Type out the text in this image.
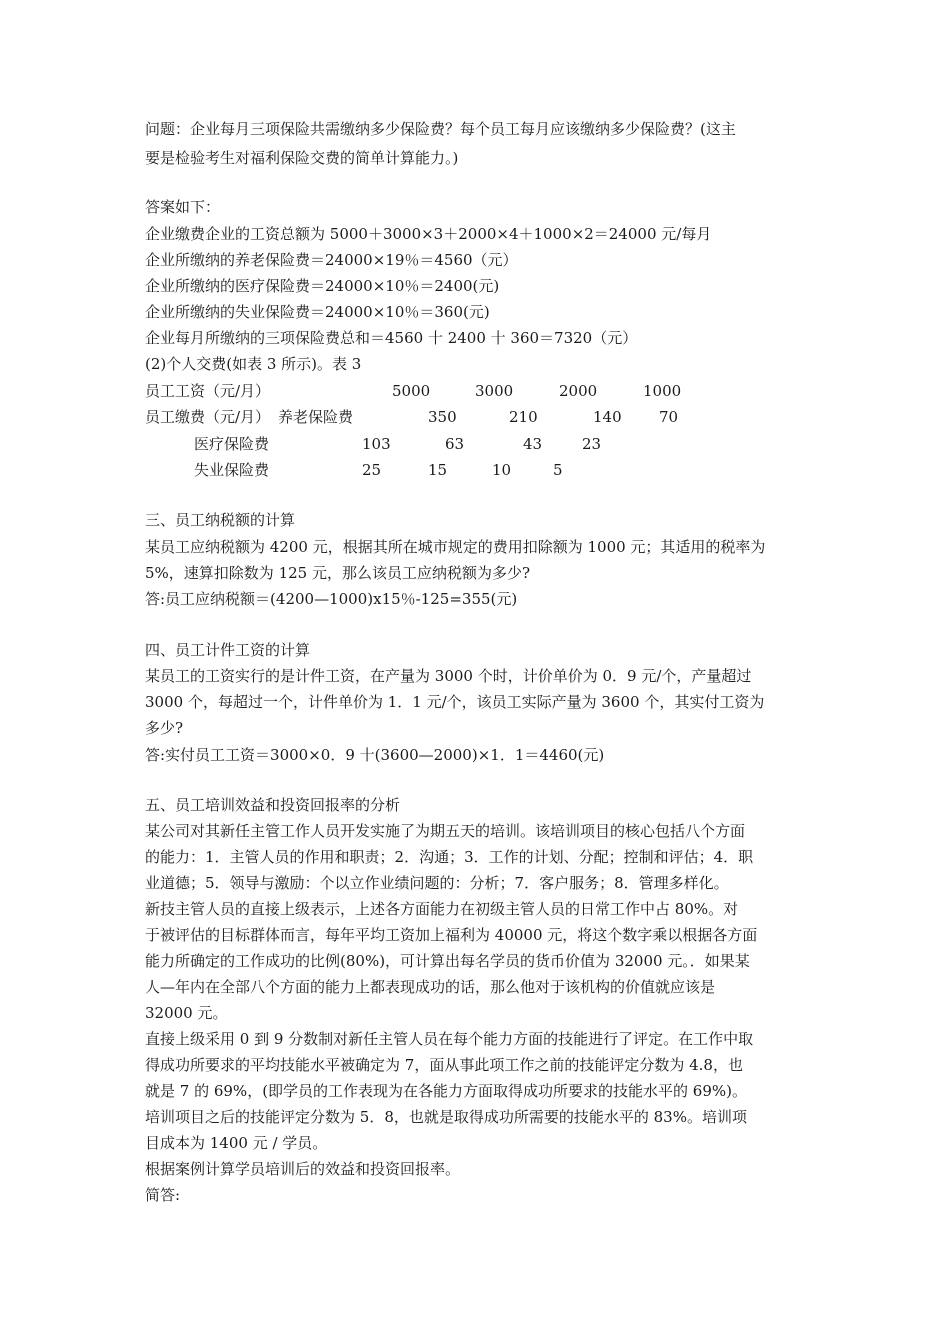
问题：企业每月三项保险共需缴纳多少保险费？每个员工每月应该缴纳多少保险费？(这主
要是检验考生对福利保险交费的简单计算能力。)
答案如下：
企业缴费企业的工资总额为 5000＋3000×3＋2000×4＋1000×2＝24000 元/每月
企业所缴纳的养老保险费＝24000×19％＝4560（元）
企业所缴纳的医疗保险费＝24000×10％＝2400(元)
企业所缴纳的失业保险费＝24000×10％＝360(元)
企业每月所缴纳的三项保险费总和＝4560 十 2400 十 360＝7320（元）
(2)个人交费(如表 3 所示)。表 3
员工工资（元/月）	5000	3000	2000	1000
员工缴费（元/月） 养老保险费	350	210	140 70
医疗保险费	103	63	43	23
失业保险费	25	15	10	5
三、员工纳税额的计算
某员工应纳税额为 4200 元，根据其所在城市规定的费用扣除额为 1000 元；其适用的税率为
5%，速算扣除数为 125 元，那么该员工应纳税额为多少?
答:员工应纳税额＝(4200—1000)x15％-125=355(元)
四、员工计件工资的计算
某员工的工资实行的是计件工资，在产量为 3000 个时，计价单价为 0．9 元/个，产量超过
3000 个，每超过一个，计件单价为 1．1 元/个，该员工实际产量为 3600 个，其实付工资为
多少?
答:实付员工工资＝3000×0．9 十(3600—2000)×1．1＝4460(元)
五、员工培训效益和投资回报率的分析
某公司对其新任主管工作人员开发实施了为期五天的培训。该培训项目的核心包括八个方面
的能力：1．主管人员的作用和职责；2．沟通；3．工作的计划、分配；控制和评估；4．职
业道德；5．领导与激励：个以立作业绩问题的：分析；7．客户服务；8．管理多样化。
新技主管人员的直接上级表示，上述各方面能力在初级主管人员的日常工作中占 80%。对
于被评估的目标群体而言，每年平均工资加上福利为 40000 元，将这个数字乘以根据各方面
能力所确定的工作成功的比例(80%)，可计算出每名学员的货币价值为 32000 元。．如果某
人—年内在全部八个方面的能力上都表现成功的话，那么他对于该机构的价值就应该是
32000 元。
直接上级采用 0 到 9 分数制对新任主管人员在每个能力方面的技能进行了评定。在工作中取
得成功所要求的平均技能水平被确定为 7，面从事此项工作之前的技能评定分数为 4.8，也
就是 7 的 69%，(即学员的工作表现为在各能力方面取得成功所要求的技能水平的 69%)。
培训项目之后的技能评定分数为 5．8，也就是取得成功所需要的技能水平的 83%。培训项
目成本为 1400 元 / 学员。
根据案例计算学员培训后的效益和投资回报率。
简答:
